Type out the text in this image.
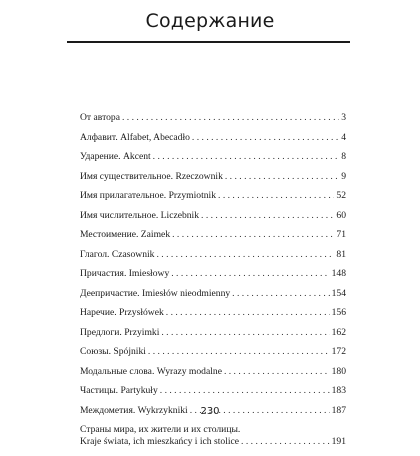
Содержание
От автора . . .	3
Алфавит. Alfabet, Abecadło . . .	4
Ударение. Akcent . . .	8
Имя существительное. Rzeczownik . . .	9
Имя прилагательное. Przymiotnik . . .	52
Имя числительное. Liczebnik . . .	60
Местоимение. Zaimek . . .	71
Глагол. Czasownik . . .	81
Причастия. Imiesłowy . . .	148
Деепричастие. Imiesłów nieodmienny . . .	154
Наречие. Przysłówek . . .	156
Предлоги. Przyimki . . .	162
Союзы. Spójniki . . .	172
Модальные слова. Wyrazy modalne . . .	180
Частицы. Partykuły . . .	183
Междометия. Wykrzykniki . . .	187
Страны мира, их жители и их столицы.
Kraje świata, ich mieszkańcy i ich stolice . . .	191
230
